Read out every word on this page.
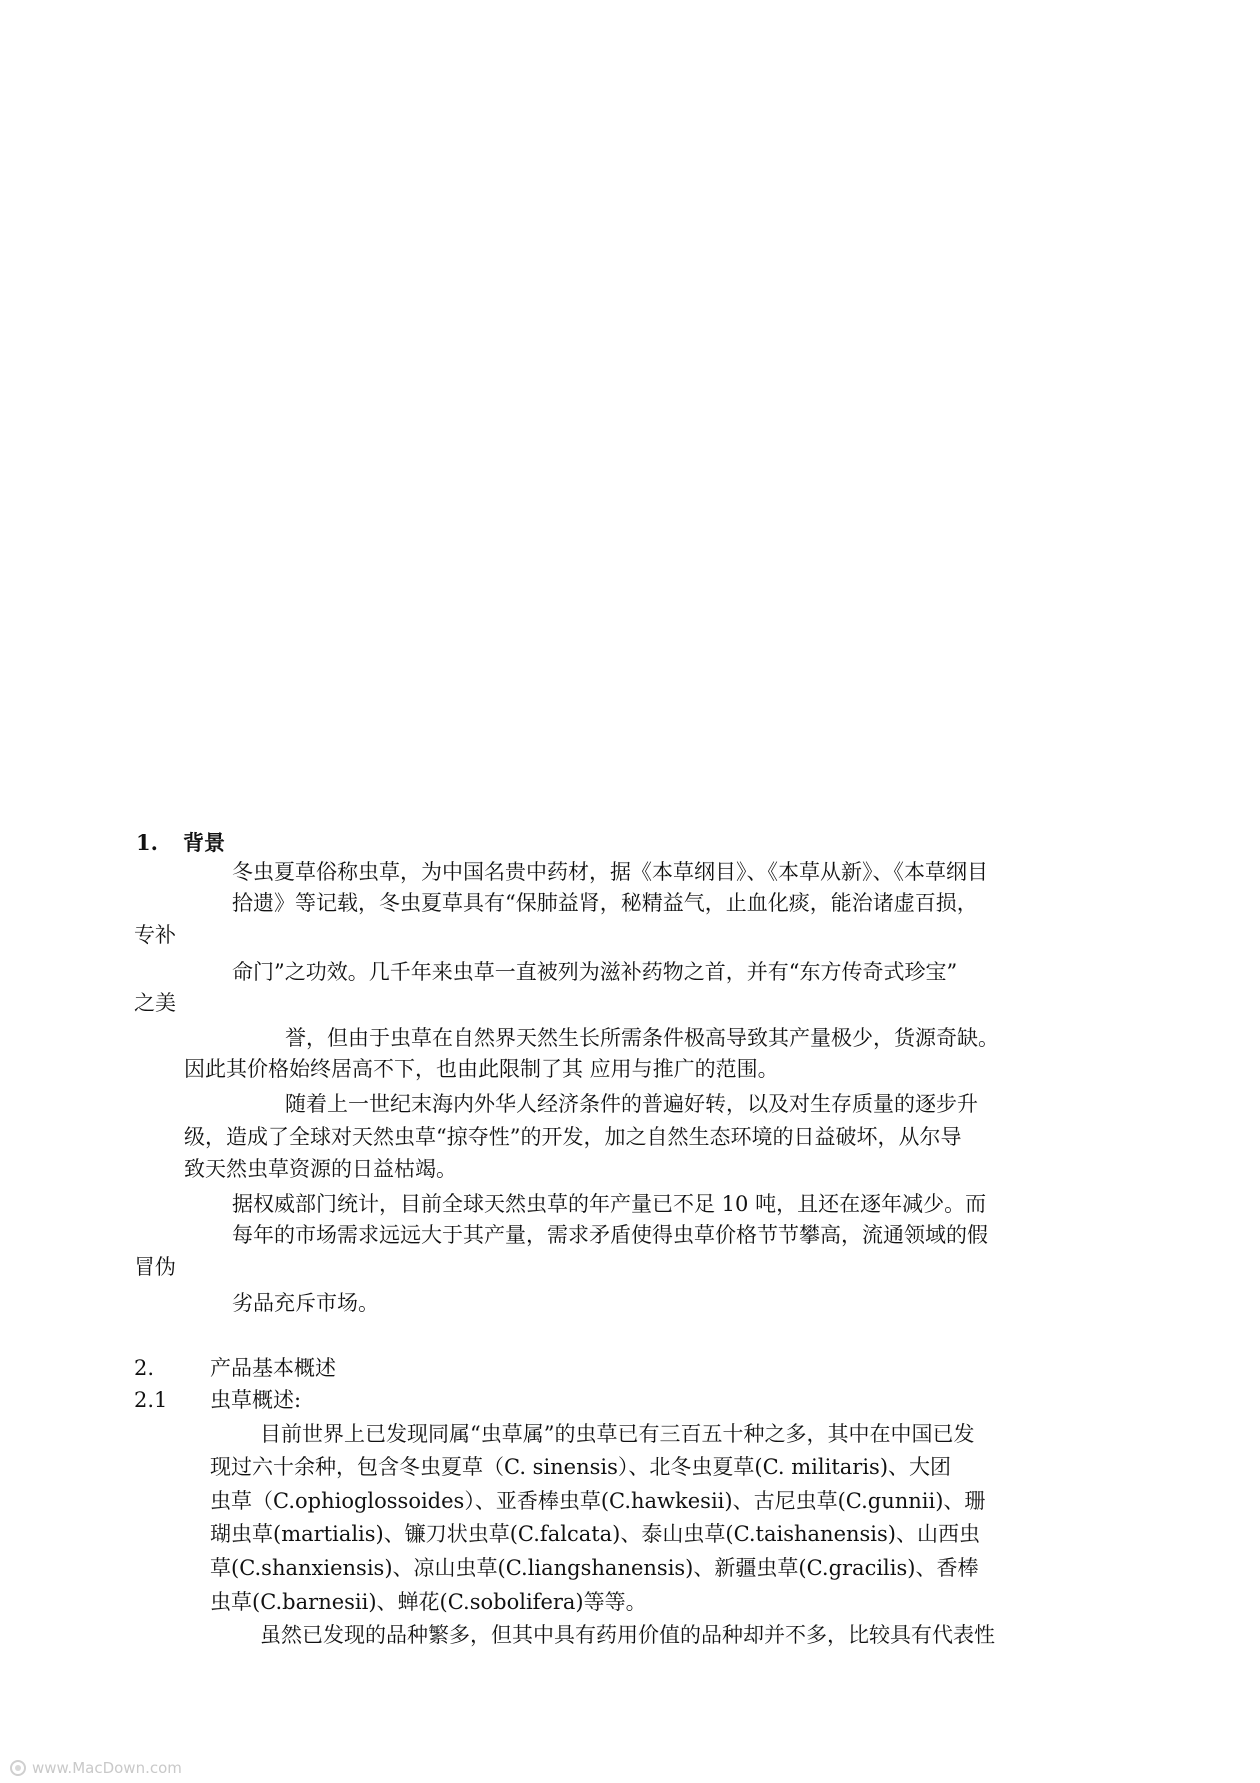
1. 背景
冬虫夏草俗称虫草，为中国名贵中药材，据《本草纲目》、《本草从新》、《本草纲目
拾遗》等记载，冬虫夏草具有“保肺益肾，秘精益气，止血化痰，能治诸虚百损，
专补
命门”之功效。几千年来虫草一直被列为滋补药物之首，并有“东方传奇式珍宝”
之美
誉，但由于虫草在自然界天然生长所需条件极高导致其产量极少，货源奇缺。
因此其价格始终居高不下，也由此限制了其 应用与推广的范围。
随着上一世纪末海内外华人经济条件的普遍好转，以及对生存质量的逐步升
级，造成了全球对天然虫草“掠夺性”的开发，加之自然生态环境的日益破坏，从尔导
致天然虫草资源的日益枯竭。
据权威部门统计，目前全球天然虫草的年产量已不足 10 吨，且还在逐年减少。而
每年的市场需求远远大于其产量，需求矛盾使得虫草价格节节攀高，流通领域的假
冒伪
劣品充斥市场。
2.	产品基本概述
2.1 虫草概述:
目前世界上已发现同属“虫草属”的虫草已有三百五十种之多，其中在中国已发
现过六十余种，包含冬虫夏草（C. sinensis）、北冬虫夏草(C. militaris)、大团
虫草（C.ophioglossoides）、亚香棒虫草(C.hawkesii)、古尼虫草(C.gunnii)、珊
瑚虫草(martialis)、镰刀状虫草(C.falcata)、泰山虫草(C.taishanensis)、山西虫
草(C.shanxiensis)、凉山虫草(C.liangshanensis)、新疆虫草(C.gracilis)、香棒
虫草(C.barnesii)、蝉花(C.sobolifera)等等。
虽然已发现的品种繁多，但其中具有药用价值的品种却并不多，比较具有代表性
www.MacDown.com
